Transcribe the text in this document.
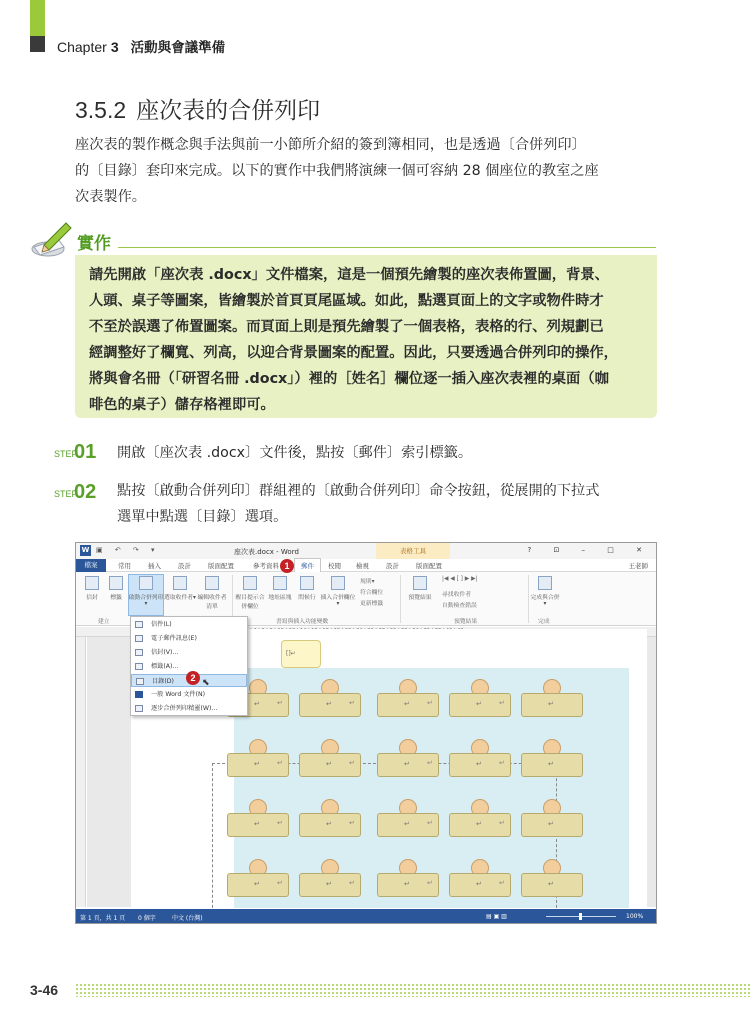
Chapter 3 活動與會議準備
3.5.2 座次表的合併列印
座次表的製作概念與手法與前一小節所介紹的簽到簿相同，也是透過〔合併列印〕
的〔目錄〕套印來完成。以下的實作中我們將演練一個可容納 28 個座位的教室之座
次表製作。
實作

請先開啟「座次表 .docx」文件檔案，這是一個預先繪製的座次表佈置圖，背景、

人頭、桌子等圖案，皆繪製於首頁頁尾區域。如此，點選頁面上的文字或物件時才

不至於誤選了佈置圖案。而頁面上則是預先繪製了一個表格，表格的行、列規劃已

經調整好了欄寬、列高，以迎合背景圖案的配置。因此，只要透過合併列印的操作，

將與會名冊（「研習名冊 .docx」）裡的［姓名］欄位逐一插入座次表裡的桌面（咖

啡色的桌子）儲存格裡即可。

STEP
01 開啟〔座次表 .docx〕文件後，點按〔郵件〕索引標籤。
STEP
02 點按〔啟動合併列印〕群組裡的〔啟動合併列印〕命令按鈕，從展開的下拉式
選單中點選〔目錄〕選項。
W ▣ ↶ ↷ ▾	座次表.docx - Word	表格工具	? ⊡ – □ ✕
檔案	常用	插入	設計	版面配置	參考資料	郵件	校閱 檢視	設計	版面配置	王老師
信封	標籤	啟動合併列印▾
選取收件者▾ 編輯收件者清單
醒目提示合併欄位
地址區塊	問候行 插入合併欄位▾
規則▾
符合欄位
更新標籤
預覽結果
|◀ ◀ [ ] ▶ ▶|
尋找收件者
自動檢查錯誤
完成與合併▾
建立	書寫與插入功能變數	預覽結果	完成
[]↵
↵
↵
↵
↵
↵
↵	↵	↵	↵
↵
↵
↵
↵
↵
↵	↵	↵	↵
↵
↵
↵
↵
↵
↵	↵	↵	↵
↵
↵
↵
↵
↵
↵	↵	↵	↵
信件(L)
電子郵件訊息(E)
信封(V)...
標籤(A)...
目錄(D)	⬉
一般 Word 文件(N)
逐步合併列印精靈(W)...
1
2
第 1 頁，共 1 頁 0 個字	中文 (台灣)	▤ ▣ ▥	100%
3-46
